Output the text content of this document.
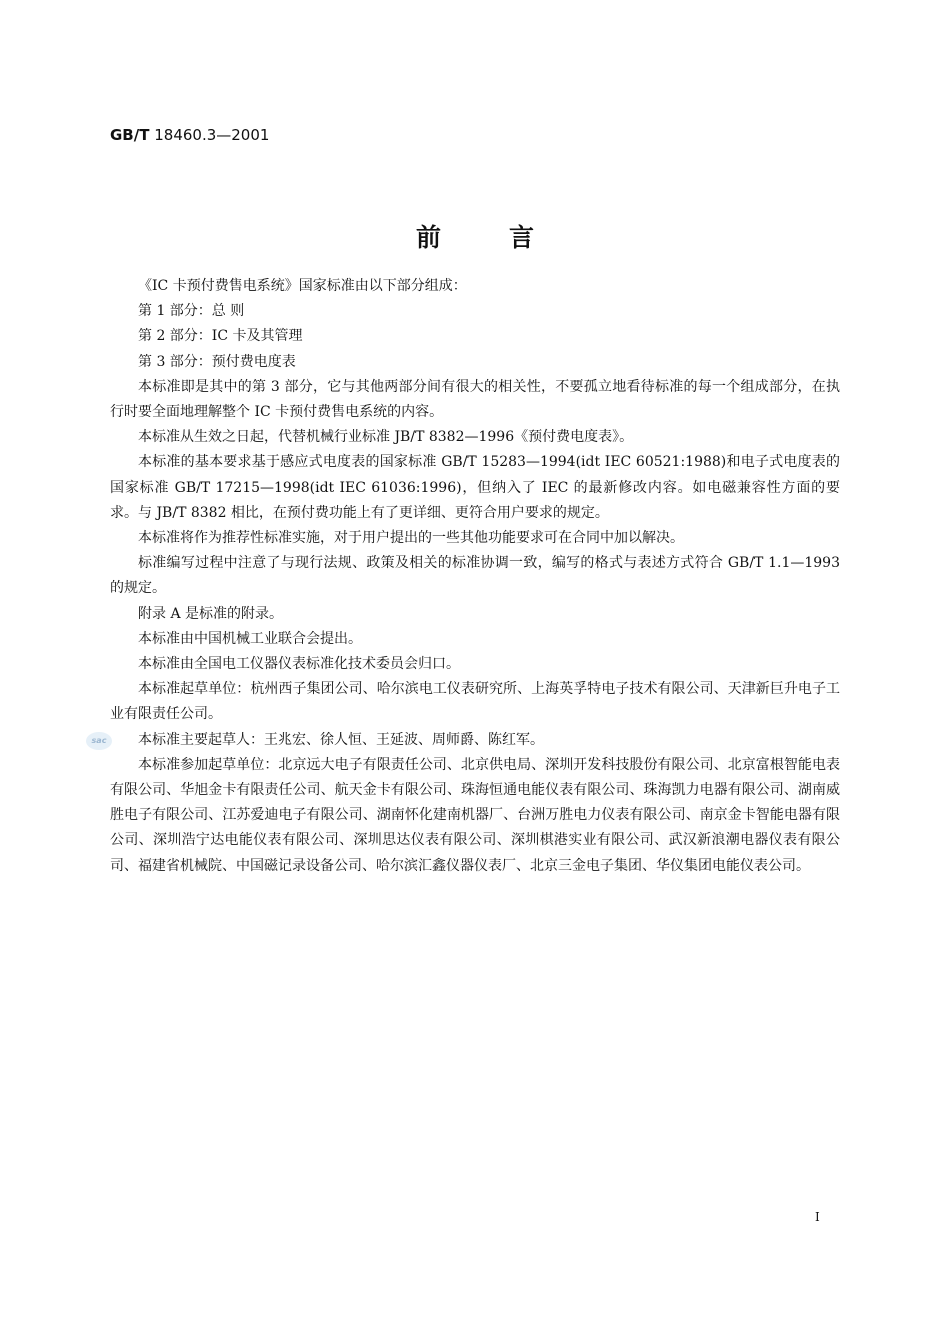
GB/T 18460.3—2001
前言

《IC 卡预付费售电系统》国家标准由以下部分组成：

第 1 部分：总 则

第 2 部分：IC 卡及其管理

第 3 部分：预付费电度表

本标准即是其中的第 3 部分，它与其他两部分间有很大的相关性，不要孤立地看待标准的每一个组成部分，在执行时要全面地理解整个 IC 卡预付费售电系统的内容。

本标准从生效之日起，代替机械行业标准 JB/T 8382—1996《预付费电度表》。

本标准的基本要求基于感应式电度表的国家标准 GB/T 15283—1994(idt IEC 60521:1988)和电子式电度表的国家标准 GB/T 17215—1998(idt IEC 61036:1996)，但纳入了 IEC 的最新修改内容。如电磁兼容性方面的要求。与 JB/T 8382 相比，在预付费功能上有了更详细、更符合用户要求的规定。

本标准将作为推荐性标准实施，对于用户提出的一些其他功能要求可在合同中加以解决。

标准编写过程中注意了与现行法规、政策及相关的标准协调一致，编写的格式与表述方式符合 GB/T 1.1—1993 的规定。

附录 A 是标准的附录。

本标准由中国机械工业联合会提出。

本标准由全国电工仪器仪表标准化技术委员会归口。

本标准起草单位：杭州西子集团公司、哈尔滨电工仪表研究所、上海英孚特电子技术有限公司、天津新巨升电子工业有限责任公司。

本标准主要起草人：王兆宏、徐人恒、王延波、周师爵、陈红军。

本标准参加起草单位：北京远大电子有限责任公司、北京供电局、深圳开发科技股份有限公司、北京富根智能电表有限公司、华旭金卡有限责任公司、航天金卡有限公司、珠海恒通电能仪表有限公司、珠海凯力电器有限公司、湖南威胜电子有限公司、江苏爱迪电子有限公司、湖南怀化建南机器厂、台洲万胜电力仪表有限公司、南京金卡智能电器有限公司、深圳浩宁达电能仪表有限公司、深圳思达仪表有限公司、深圳棋港实业有限公司、武汉新浪潮电器仪表有限公司、福建省机械院、中国磁记录设备公司、哈尔滨汇鑫仪器仪表厂、北京三金电子集团、华仪集团电能仪表公司。

sac
I
